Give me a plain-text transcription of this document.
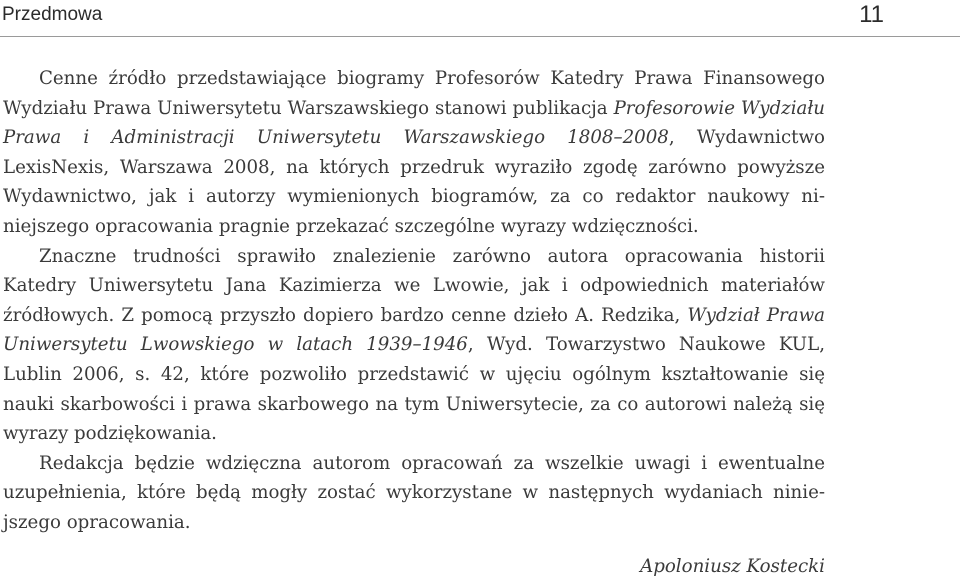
Przedmowa	11

Cenne źródło przedstawiające biogramy Profesorów Katedry Prawa Finansowego Wydziału Prawa Uniwersytetu Warszawskiego stanowi publikacja Profesorowie Wydziału Prawa i Administracji Uniwersytetu Warszawskiego 1808–2008, Wydawnictwo LexisNexis, Warszawa 2008, na których przedruk wyraziło zgodę zarówno powyższe Wydawnictwo, jak i autorzy wymienionych biogramów, za co redaktor naukowy niniejszego opracowania pragnie przekazać szczególne wyrazy wdzięczności.

Znaczne trudności sprawiło znalezienie zarówno autora opracowania historii Katedry Uniwersytetu Jana Kazimierza we Lwowie, jak i odpowiednich materiałów źródłowych. Z pomocą przyszło dopiero bardzo cenne dzieło A. Redzika, Wydział Prawa Uniwersytetu Lwowskiego w latach 1939–1946, Wyd. Towarzystwo Naukowe KUL, Lublin 2006, s. 42, które pozwoliło przedstawić w ujęciu ogólnym kształtowanie się nauki skarbowości i prawa skarbowego na tym Uniwersytecie, za co autorowi należą się wyrazy podziękowania.

Redakcja będzie wdzięczna autorom opracowań za wszelkie uwagi i ewentualne uzupełnienia, które będą mogły zostać wykorzystane w następnych wydaniach niniejszego opracowania.

Apoloniusz Kostecki
